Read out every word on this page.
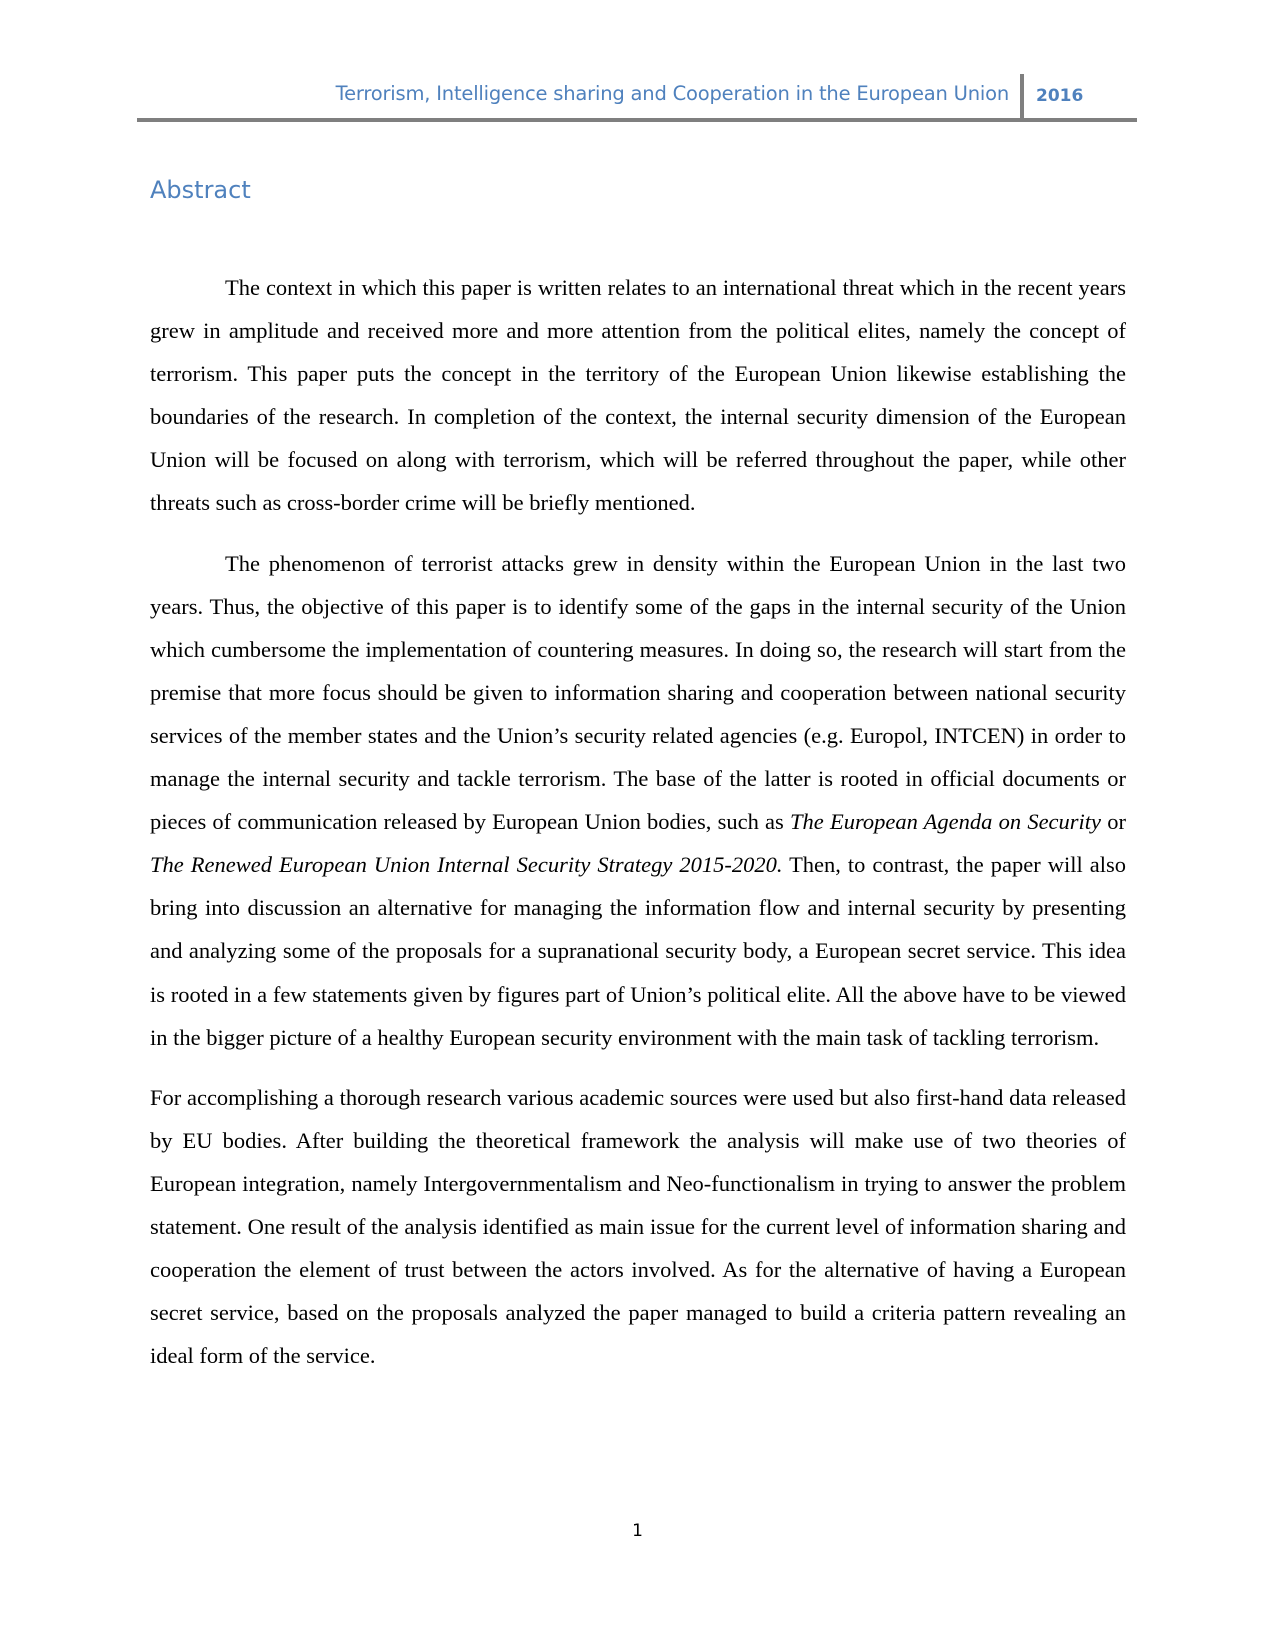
Terrorism, Intelligence sharing and Cooperation in the European Union 2016
Abstract

The context in which this paper is written relates to an international threat which in the recent years grew in amplitude and received more and more attention from the political elites, namely the concept of terrorism. This paper puts the concept in the territory of the European Union likewise establishing the boundaries of the research. In completion of the context, the internal security dimension of the European Union will be focused on along with terrorism, which will be referred throughout the paper, while other threats such as cross-border crime will be briefly mentioned.

The phenomenon of terrorist attacks grew in density within the European Union in the last two years. Thus, the objective of this paper is to identify some of the gaps in the internal security of the Union which cumbersome the implementation of countering measures. In doing so, the research will start from the premise that more focus should be given to information sharing and cooperation between national security services of the member states and the Union’s security related agencies (e.g. Europol, INTCEN) in order to manage the internal security and tackle terrorism. The base of the latter is rooted in official documents or pieces of communication released by European Union bodies, such as The European Agenda on Security or The Renewed European Union Internal Security Strategy 2015-2020. Then, to contrast, the paper will also bring into discussion an alternative for managing the information flow and internal security by presenting and analyzing some of the proposals for a supranational security body, a European secret service. This idea is rooted in a few statements given by figures part of Union’s political elite. All the above have to be viewed in the bigger picture of a healthy European security environment with the main task of tackling terrorism.

For accomplishing a thorough research various academic sources were used but also first-hand data released by EU bodies. After building the theoretical framework the analysis will make use of two theories of European integration, namely Intergovernmentalism and Neo-functionalism in trying to answer the problem statement. One result of the analysis identified as main issue for the current level of information sharing and cooperation the element of trust between the actors involved. As for the alternative of having a European secret service, based on the proposals analyzed the paper managed to build a criteria pattern revealing an ideal form of the service.

1
